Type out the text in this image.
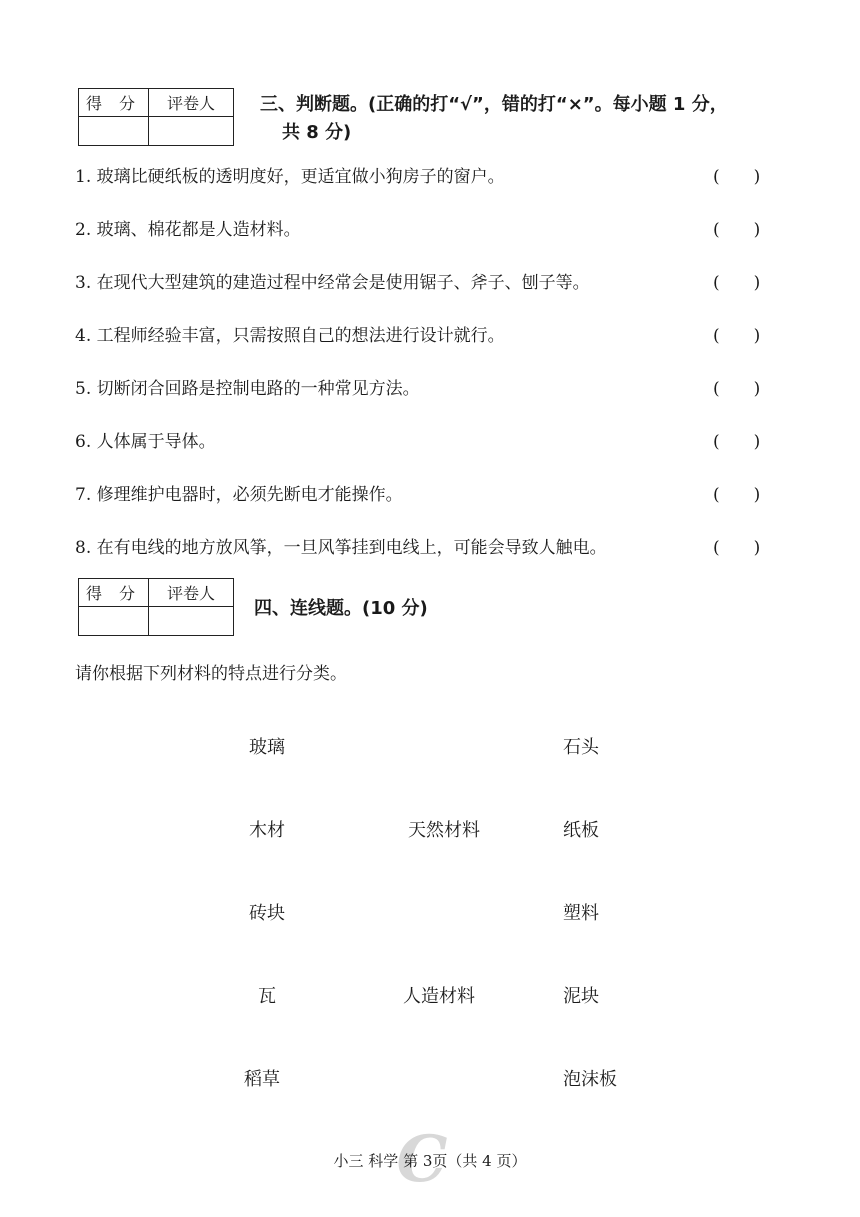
得 分	评卷人	三、判断题。(正确的打“√”，错的打“×”。每小题 1 分，
共 8 分)
1. 玻璃比硬纸板的透明度好，更适宜做小狗房子的窗户。	(　　)
2. 玻璃、棉花都是人造材料。	(　　)
3. 在现代大型建筑的建造过程中经常会是使用锯子、斧子、刨子等。	(　　)
4. 工程师经验丰富，只需按照自己的想法进行设计就行。	(　　)
5. 切断闭合回路是控制电路的一种常见方法。	(　　)
6. 人体属于导体。	(　　)
7. 修理维护电器时，必须先断电才能操作。	(　　)
8. 在有电线的地方放风筝，一旦风筝挂到电线上，可能会导致人触电。	(　　)
得 分	评卷人
四、连线题。(10 分)
请你根据下列材料的特点进行分类。
玻璃
木材
砖块
瓦
稻草
天然材料
人造材料
石头
纸板
塑料
泥块
泡沫板
C
小三 科学 第 3页（共 4 页）
